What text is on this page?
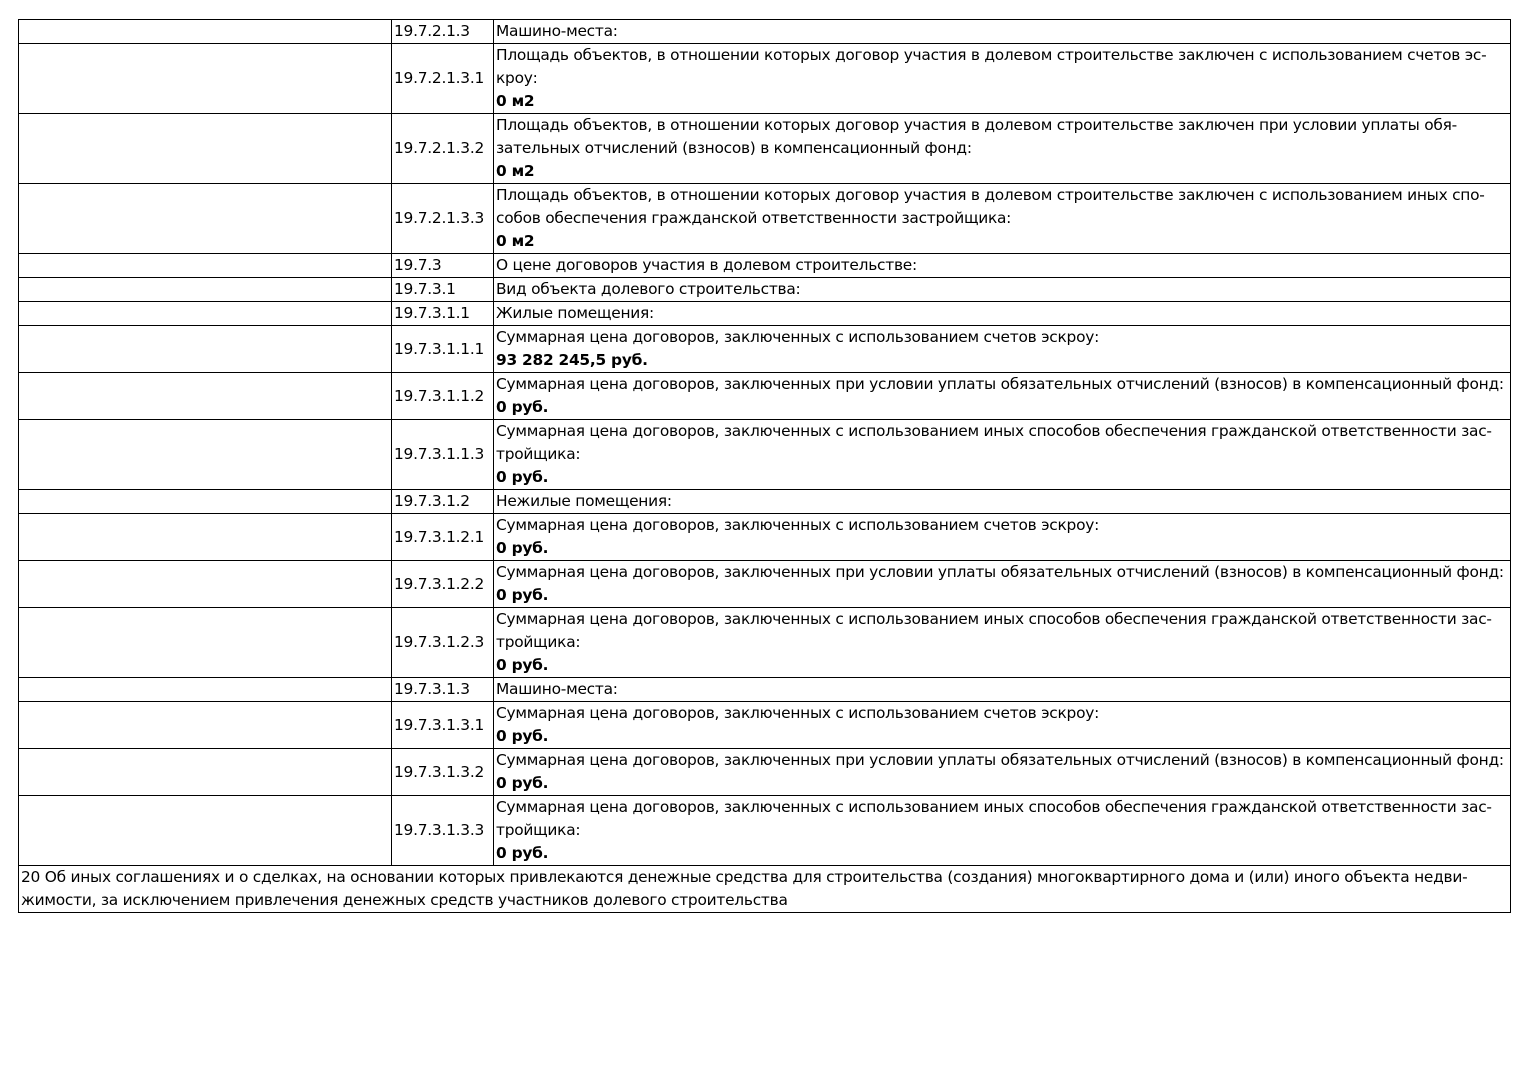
	19.7.2.1.3	Машино-места:

	19.7.2.1.3.1	Площадь объектов, в отношении которых договор участия в долевом строительстве заключен с использованием счетов эс-кроу:
0 м2

	19.7.2.1.3.2	Площадь объектов, в отношении которых договор участия в долевом строительстве заключен при условии уплаты обя-зательных отчислений (взносов) в компенсационный фонд:
0 м2

	19.7.2.1.3.3	Площадь объектов, в отношении которых договор участия в долевом строительстве заключен с использованием иных спо-собов обеспечения гражданской ответственности застройщика:
0 м2

	19.7.3	О цене договоров участия в долевом строительстве:

	19.7.3.1	Вид объекта долевого строительства:

	19.7.3.1.1	Жилые помещения:

	19.7.3.1.1.1	Суммарная цена договоров, заключенных с использованием счетов эскроу:
93 282 245,5 руб.

	19.7.3.1.1.2	Суммарная цена договоров, заключенных при условии уплаты обязательных отчислений (взносов) в компенсационный фонд:
0 руб.

	19.7.3.1.1.3	Суммарная цена договоров, заключенных с использованием иных способов обеспечения гражданской ответственности зас-тройщика:
0 руб.

	19.7.3.1.2	Нежилые помещения:

	19.7.3.1.2.1	Суммарная цена договоров, заключенных с использованием счетов эскроу:
0 руб.

	19.7.3.1.2.2	Суммарная цена договоров, заключенных при условии уплаты обязательных отчислений (взносов) в компенсационный фонд:
0 руб.

	19.7.3.1.2.3	Суммарная цена договоров, заключенных с использованием иных способов обеспечения гражданской ответственности зас-тройщика:
0 руб.

	19.7.3.1.3	Машино-места:

	19.7.3.1.3.1	Суммарная цена договоров, заключенных с использованием счетов эскроу:
0 руб.

	19.7.3.1.3.2	Суммарная цена договоров, заключенных при условии уплаты обязательных отчислений (взносов) в компенсационный фонд:
0 руб.

	19.7.3.1.3.3	Суммарная цена договоров, заключенных с использованием иных способов обеспечения гражданской ответственности зас-тройщика:
0 руб.

20 Об иных соглашениях и о сделках, на основании которых привлекаются денежные средства для строительства (создания) многоквартирного дома и (или) иного объекта недви-жимости, за исключением привлечения денежных средств участников долевого строительства		
